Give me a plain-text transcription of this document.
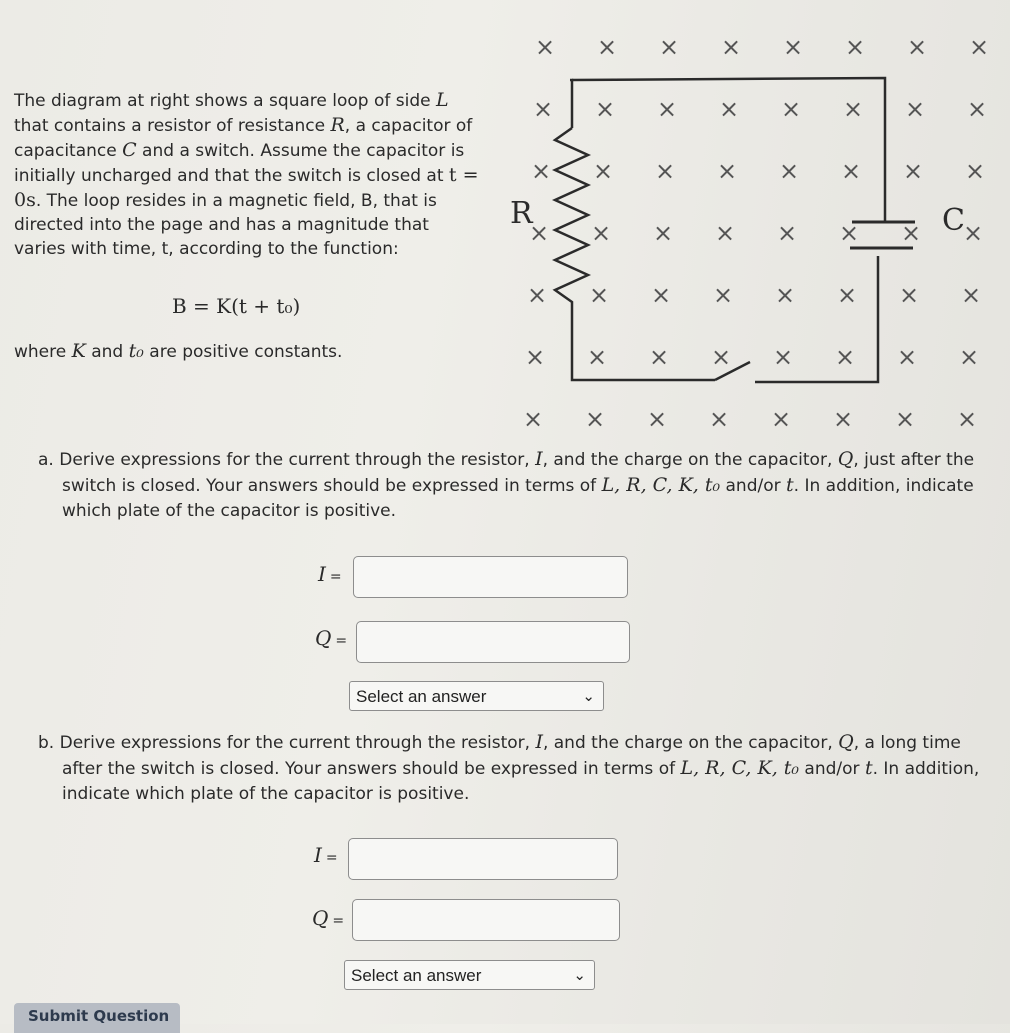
The diagram at right shows a square loop of side L that contains a resistor of resistance R, a capacitor of capacitance C and a switch. Assume the capacitor is initially uncharged and that the switch is closed at t = 0s. The loop resides in a magnetic field, B, that is directed into the page and has a magnitude that varies with time, t, according to the function:
B = K(t + t₀)
where K and t₀ are positive constants.
× × × × × × × ×
× × × × × × × ×
× × × × × × × ×
× × × × × × × ×
× × × × × × × ×
× × × × × × × ×
× × × × × × × ×
R	C
a. Derive expressions for the current through the resistor, I, and the charge on the capacitor, Q, just after the switch is closed. Your answers should be expressed in terms of L, R, C, K, t₀ and/or t. In addition, indicate which plate of the capacitor is positive.
I =
Q =
Select an answer	⌄
b. Derive expressions for the current through the resistor, I, and the charge on the capacitor, Q, a long time after the switch is closed. Your answers should be expressed in terms of L, R, C, K, t₀ and/or t. In addition, indicate which plate of the capacitor is positive.
I =
Q =
Select an answer	⌄
Submit Question
